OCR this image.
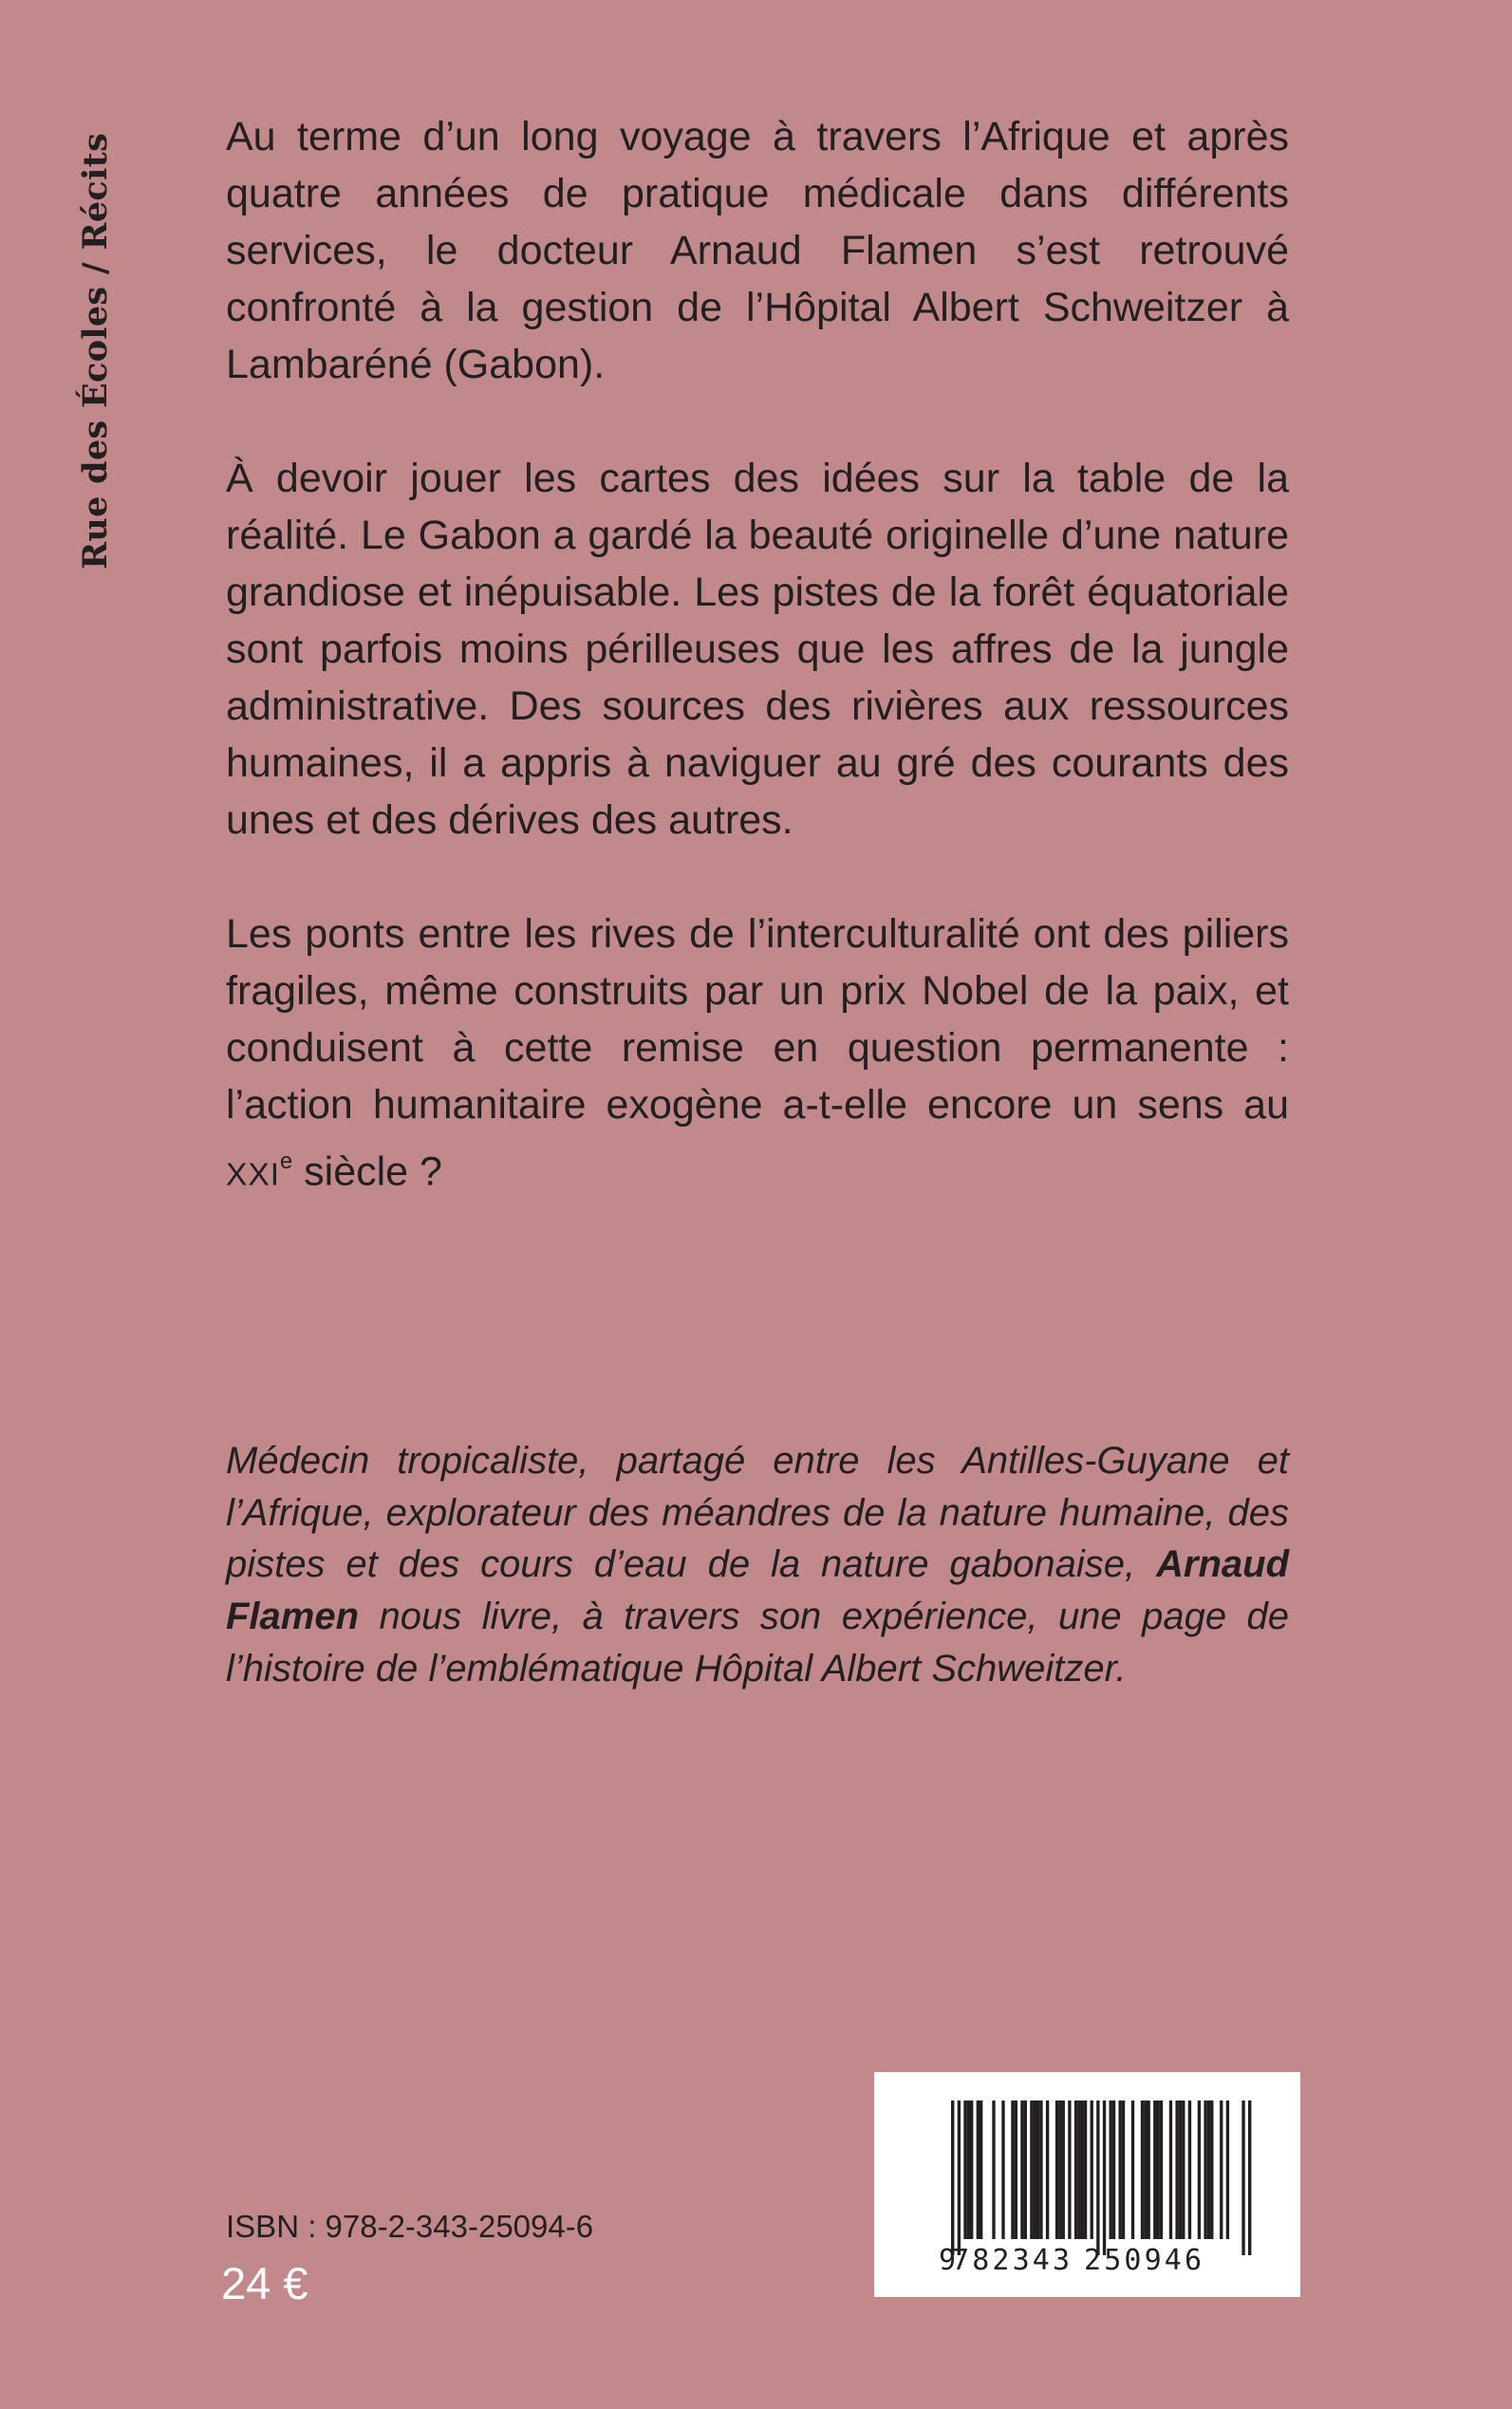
Rue des Écoles / Récits	Au terme d’un long voyage à travers l’Afrique et après quatre années de pratique médicale dans différents services, le docteur Arnaud Flamen s’est retrouvé confronté à la gestion de l’Hôpital Albert Schweitzer à Lambaréné (Gabon).

À devoir jouer les cartes des idées sur la table de la réalité. Le Gabon a gardé la beauté originelle d’une nature grandiose et inépuisable. Les pistes de la forêt équatoriale sont parfois moins périlleuses que les affres de la jungle administrative. Des sources des rivières aux ressources humaines, il a appris à naviguer au gré des courants des unes et des dérives des autres.

Les ponts entre les rives de l’interculturalité ont des piliers fragiles, même construits par un prix Nobel de la paix, et conduisent à cette remise en question permanente : l’action humanitaire exogène a-t-elle encore un sens au XXIe siècle ?

Médecin tropicaliste, partagé entre les Antilles-Guyane et l’Afrique, explorateur des méandres de la nature humaine, des pistes et des cours d’eau de la nature gabonaise, Arnaud Flamen nous livre, à travers son expérience, une page de l’histoire de l’emblématique Hôpital Albert Schweitzer.
ISBN : 978-2-343-25094-6
24 €	9
782343 250946
